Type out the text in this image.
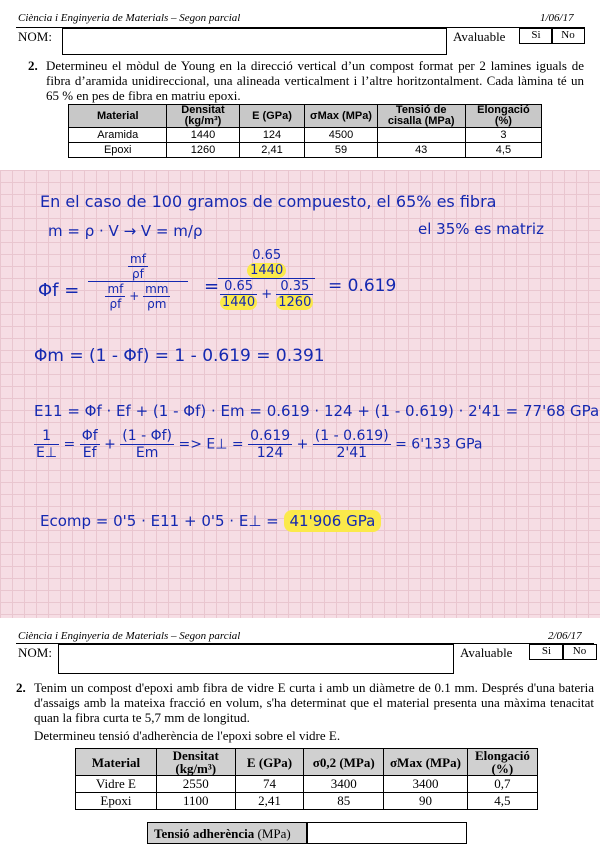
Ciència i Enginyeria de Materials – Segon parcial	1/06/17
NOM:	Avaluable	Si	No
2. Determineu el mòdul de Young en la direcció vertical d’un compost format per 2 lamines iguals de fibra d’aramida unidireccional, una alineada verticalment i l’altre horitzontalment. Cada làmina té un 65 % en pes de fibra en matriu epoxi.
Material	Densitat (kg/m³)	E (GPa)	σMax (MPa)	Tensió de cisalla (MPa)	Elongació (%)
Aramida	1440	124	4500		3
Epoxi	1260	2,41	59	43	4,5
En el caso de 100 gramos de compuesto, el 65% es fibra
m = ρ · V → V = m/ρ	el 35% es matriz
$\Phi f = \frac{\frac{mf}{\rho f}}{\frac{mf}{\rho f} + \frac{mm}{\rho m}}$ =
0.65
1440
$\frac{0.65}{1440} + \frac{0.35}{1260} = 0.619$
Φm = (1 - Φf) = 1 - 0.619 = 0.391
E11 = Φf · Ef + (1 - Φf) · Em = 0.619 · 124 + (1 - 0.619) · 2'41 = 77'68 GPa
$\frac{1}{E\perp} = \frac{\Phi f}{Ef} + \frac{(1 - \Phi f)}{Em}$ => E⊥ = $\frac{0.619}{124} + \frac{(1 - 0.619)}{2'41} = 6'133$ GPa
Ecomp = 0'5 · E11 + 0'5 · E⊥ = 41'906 GPa
Ciència i Enginyeria de Materials – Segon parcial	2/06/17
NOM:	Avaluable	Si	No
2. Tenim un compost d'epoxi amb fibra de vidre E curta i amb un diàmetre de 0.1 mm. Després d'una bateria d'assaigs amb la mateixa fracció en volum, s'ha determinat que el material presenta una màxima tenacitat quan la fibra curta te 5,7 mm de longitud.
Determineu tensió d'adherència de l'epoxi sobre el vidre E.
Material	Densitat (kg/m³)	E (GPa)	σ0,2 (MPa)	σMax (MPa)	Elongació (%)
Vidre E	2550	74	3400	3400	0,7
Epoxi	1100	2,41	85	90	4,5
Tensió adherència (MPa)
